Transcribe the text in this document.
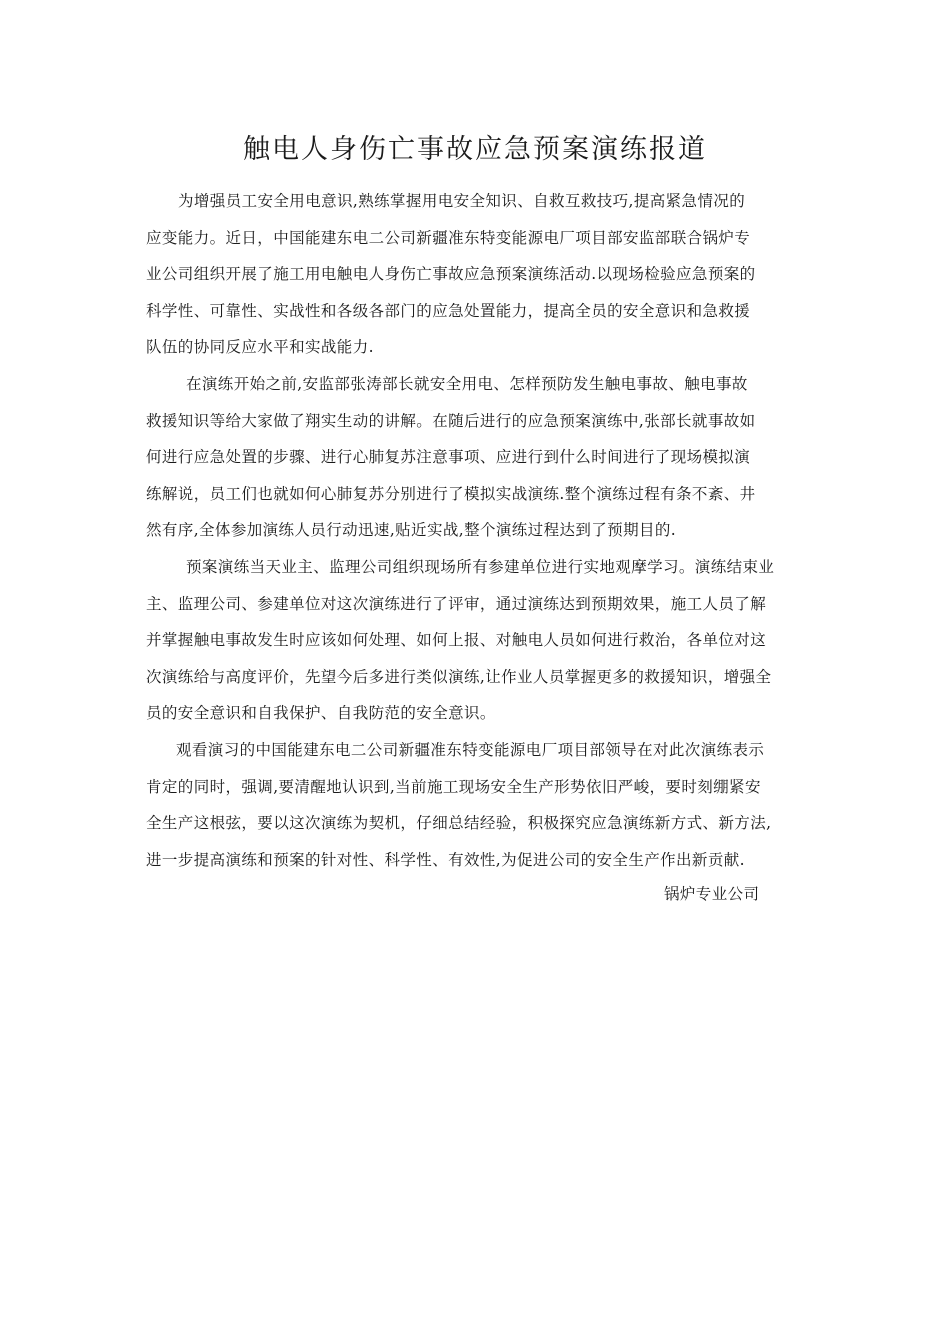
触电人身伤亡事故应急预案演练报道
为增强员工安全用电意识,熟练掌握用电安全知识、自救互救技巧,提高紧急情况的
应变能力。近日，中国能建东电二公司新疆准东特变能源电厂项目部安监部联合锅炉专
业公司组织开展了施工用电触电人身伤亡事故应急预案演练活动.以现场检验应急预案的
科学性、可靠性、实战性和各级各部门的应急处置能力，提高全员的安全意识和急救援
队伍的协同反应水平和实战能力.
在演练开始之前,安监部张涛部长就安全用电、怎样预防发生触电事故、触电事故
救援知识等给大家做了翔实生动的讲解。在随后进行的应急预案演练中,张部长就事故如
何进行应急处置的步骤、进行心肺复苏注意事项、应进行到什么时间进行了现场模拟演
练解说，员工们也就如何心肺复苏分别进行了模拟实战演练.整个演练过程有条不紊、井
然有序,全体参加演练人员行动迅速,贴近实战,整个演练过程达到了预期目的.
预案演练当天业主、监理公司组织现场所有参建单位进行实地观摩学习。演练结束业
主、监理公司、参建单位对这次演练进行了评审，通过演练达到预期效果，施工人员了解
并掌握触电事故发生时应该如何处理、如何上报、对触电人员如何进行救治，各单位对这
次演练给与高度评价，先望今后多进行类似演练,让作业人员掌握更多的救援知识，增强全
员的安全意识和自我保护、自我防范的安全意识。
观看演习的中国能建东电二公司新疆准东特变能源电厂项目部领导在对此次演练表示
肯定的同时，强调,要清醒地认识到,当前施工现场安全生产形势依旧严峻，要时刻绷紧安
全生产这根弦，要以这次演练为契机，仔细总结经验，积极探究应急演练新方式、新方法,
进一步提高演练和预案的针对性、科学性、有效性,为促进公司的安全生产作出新贡献.
锅炉专业公司
